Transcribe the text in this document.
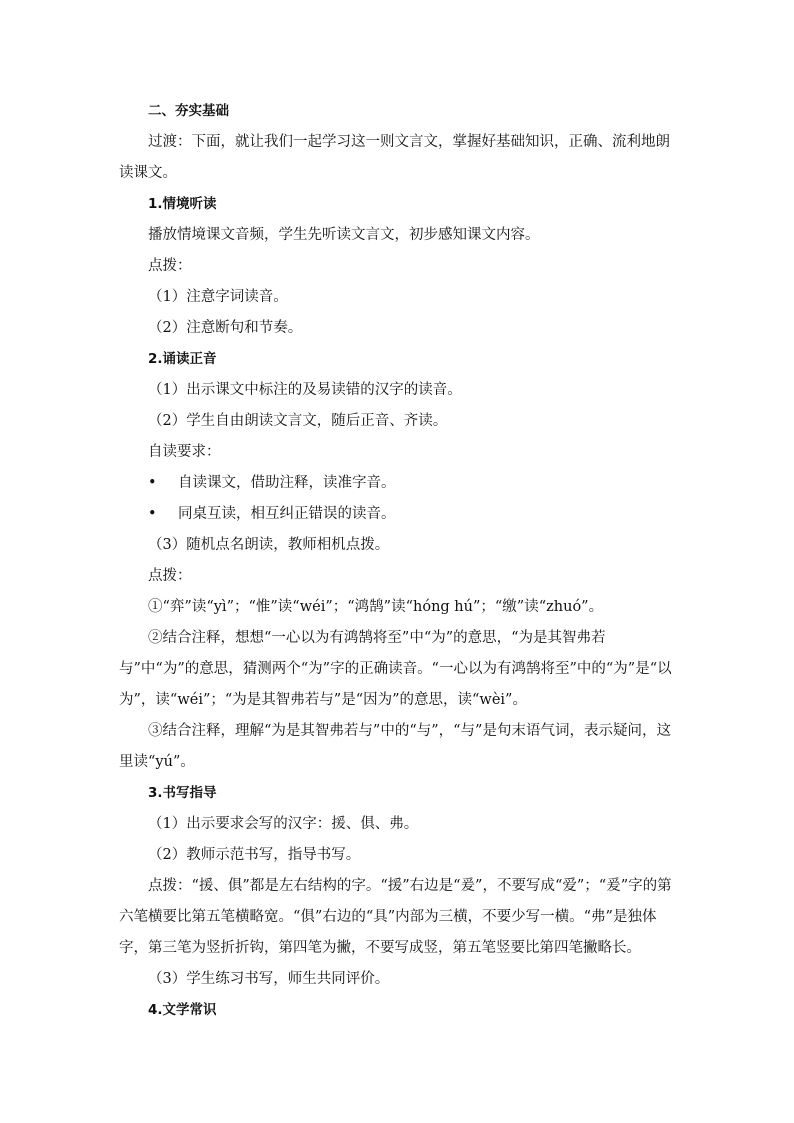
二、夯实基础

过渡：下面，就让我们一起学习这一则文言文，掌握好基础知识，正确、流利地朗读课文。

1.情境听读

播放情境课文音频，学生先听读文言文，初步感知课文内容。

点拨：

（1）注意字词读音。

（2）注意断句和节奏。

2.诵读正音

（1）出示课文中标注的及易读错的汉字的读音。

（2）学生自由朗读文言文，随后正音、齐读。

自读要求：

• 自读课文，借助注释，读准字音。

• 同桌互读，相互纠正错误的读音。

（3）随机点名朗读，教师相机点拨。

点拨：

①“弈”读“yì”；“惟”读“wéi”；“鸿鹄”读“hóng hú”；“缴”读“zhuó”。

②结合注释，想想“一心以为有鸿鹄将至”中“为”的意思，“为是其智弗若与”中“为”的意思，猜测两个“为”字的正确读音。“一心以为有鸿鹄将至”中的“为”是“以为”，读“wéi”；“为是其智弗若与”是“因为”的意思，读“wèi”。

③结合注释，理解“为是其智弗若与”中的“与”，“与”是句末语气词，表示疑问，这里读“yú”。

3.书写指导

（1）出示要求会写的汉字：援、俱、弗。

（2）教师示范书写，指导书写。

点拨：“援、俱”都是左右结构的字。“援”右边是“爰”，不要写成“爱”；“爰”字的第六笔横要比第五笔横略宽。“俱”右边的“具”内部为三横，不要少写一横。“弗”是独体字，第三笔为竖折折钩，第四笔为撇，不要写成竖，第五笔竖要比第四笔撇略长。

（3）学生练习书写，师生共同评价。

4.文学常识
